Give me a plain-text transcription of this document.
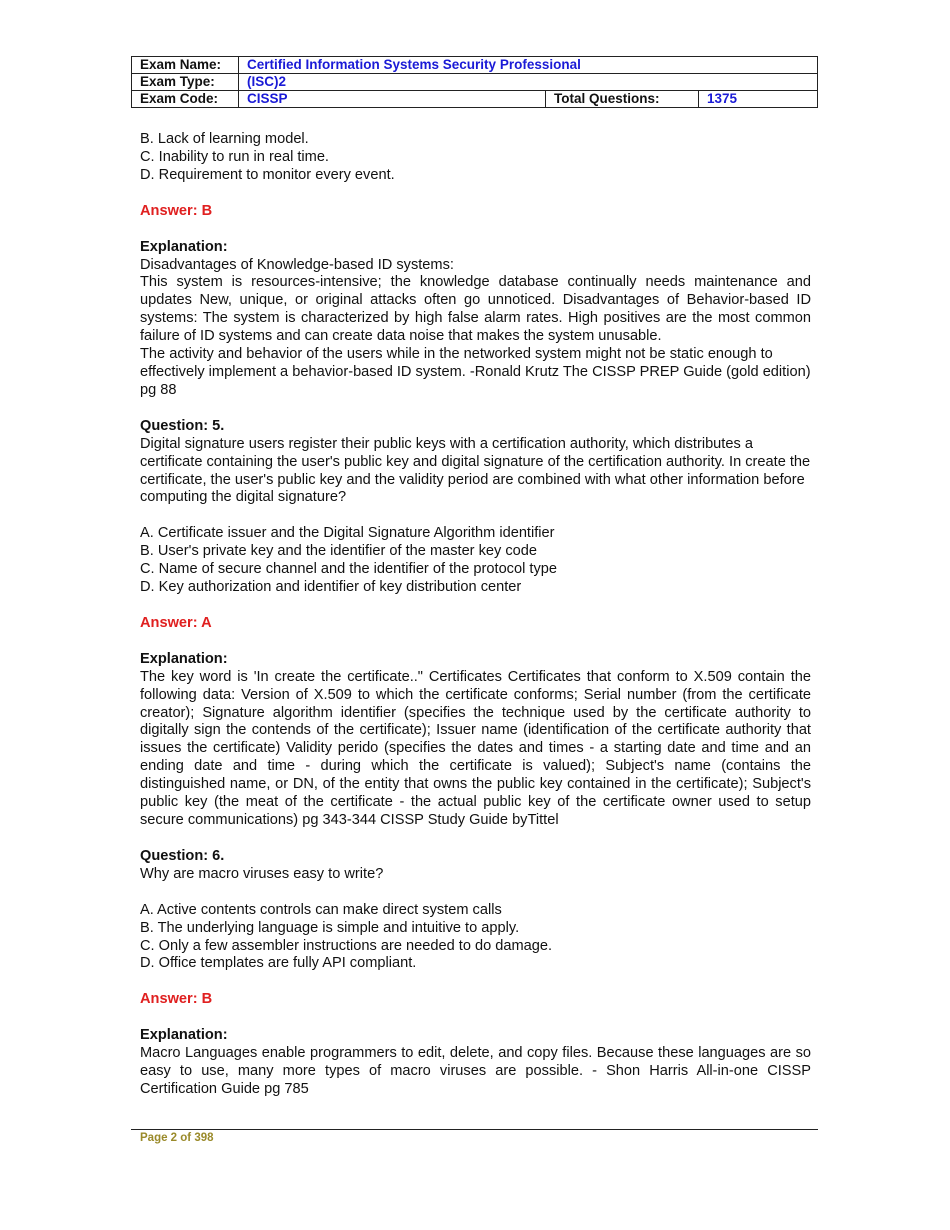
Exam Name:	Certified Information Systems Security Professional		
Exam Type:	(ISC)2		
Exam Code:	CISSP	Total Questions:	1375

B. Lack of learning model.

C. Inability to run in real time.

D. Requirement to monitor every event.

Answer: B

Explanation:

Disadvantages of Knowledge-based ID systems:

This system is resources-intensive; the knowledge database continually needs maintenance and updates New, unique, or original attacks often go unnoticed. Disadvantages of Behavior-based ID systems: The system is characterized by high false alarm rates. High positives are the most common failure of ID systems and can create data noise that makes the system unusable.

The activity and behavior of the users while in the networked system might not be static enough to effectively implement a behavior-based ID system. -Ronald Krutz The CISSP PREP Guide (gold edition) pg 88

Question: 5.

Digital signature users register their public keys with a certification authority, which distributes a certificate containing the user's public key and digital signature of the certification authority. In create the certificate, the user's public key and the validity period are combined with what other information before computing the digital signature?

A. Certificate issuer and the Digital Signature Algorithm identifier

B. User's private key and the identifier of the master key code

C. Name of secure channel and the identifier of the protocol type

D. Key authorization and identifier of key distribution center

Answer: A

Explanation:

The key word is 'In create the certificate.." Certificates Certificates that conform to X.509 contain the following data: Version of X.509 to which the certificate conforms; Serial number (from the certificate creator); Signature algorithm identifier (specifies the technique used by the certificate authority to digitally sign the contends of the certificate); Issuer name (identification of the certificate authority that issues the certificate) Validity perido (specifies the dates and times - a starting date and time and an ending date and time - during which the certificate is valued); Subject's name (contains the distinguished name, or DN, of the entity that owns the public key contained in the certificate); Subject's public key (the meat of the certificate - the actual public key of the certificate owner used to setup secure communications) pg 343-344 CISSP Study Guide byTittel

Question: 6.

Why are macro viruses easy to write?

A. Active contents controls can make direct system calls

B. The underlying language is simple and intuitive to apply.

C. Only a few assembler instructions are needed to do damage.

D. Office templates are fully API compliant.

Answer: B

Explanation:

Macro Languages enable programmers to edit, delete, and copy files. Because these languages are so easy to use, many more types of macro viruses are possible. - Shon Harris All-in-one CISSP Certification Guide pg 785

Page 2 of 398
